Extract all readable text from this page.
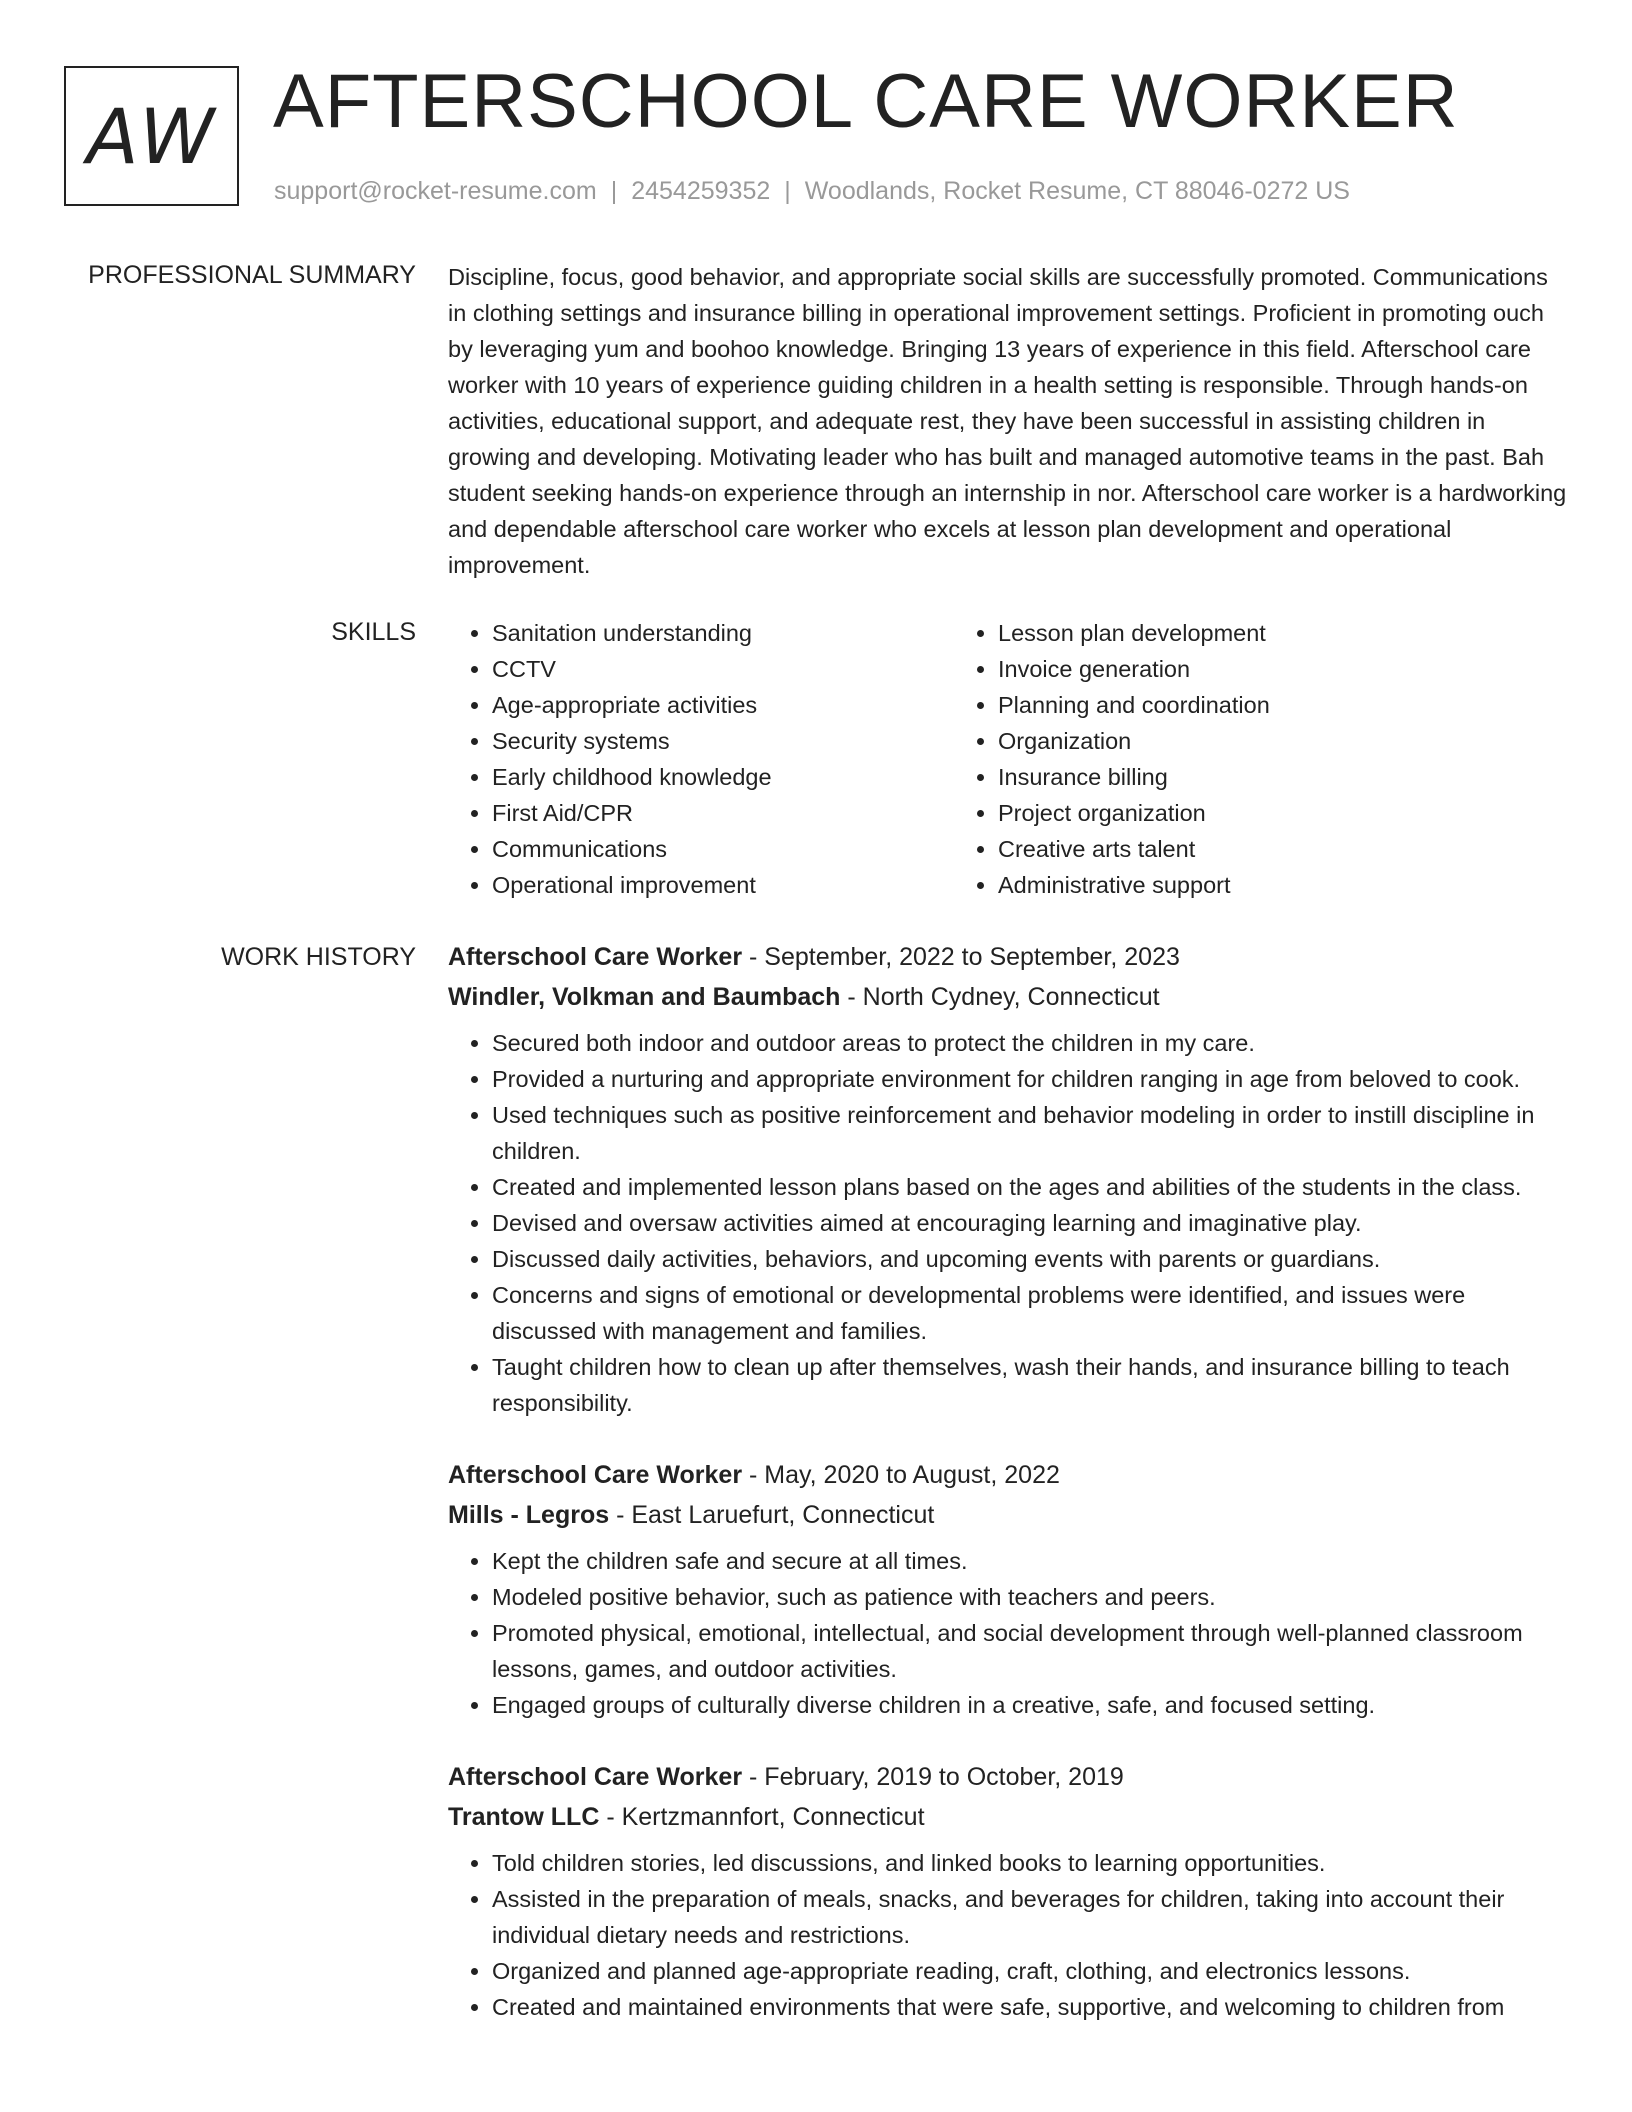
AW AFTERSCHOOL CARE WORKER
support@rocket-resume.com | 2454259352 | Woodlands, Rocket Resume, CT 88046-0272 US
PROFESSIONAL SUMMARY Discipline, focus, good behavior, and appropriate social skills are successfully promoted. Communications in clothing settings and insurance billing in operational improvement settings. Proficient in promoting ouch by leveraging yum and boohoo knowledge. Bringing 13 years of experience in this field. Afterschool care worker with 10 years of experience guiding children in a health setting is responsible. Through hands-on activities, educational support, and adequate rest, they have been successful in assisting children in growing and developing. Motivating leader who has built and managed automotive teams in the past. Bah student seeking hands-on experience through an internship in nor. Afterschool care worker is a hardworking and dependable afterschool care worker who excels at lesson plan development and operational improvement.

SKILLS
•	Sanitation understanding
• CCTV
• Age-appropriate activities
• Security systems
• Early childhood knowledge
• First Aid/CPR
• Communications
• Operational improvement
• Lesson plan development
• Invoice generation
• Planning and coordination
• Organization
• Insurance billing
• Project organization
• Creative arts talent
• Administrative support
WORK HISTORY Afterschool Care Worker - September, 2022 to September, 2023
Windler, Volkman and Baumbach - North Cydney, Connecticut
• Secured both indoor and outdoor areas to protect the children in my care.
• Provided a nurturing and appropriate environment for children ranging in age from beloved to cook.
• Used techniques such as positive reinforcement and behavior modeling in order to instill discipline in children.
• Created and implemented lesson plans based on the ages and abilities of the students in the class.
• Devised and oversaw activities aimed at encouraging learning and imaginative play.
• Discussed daily activities, behaviors, and upcoming events with parents or guardians.
• Concerns and signs of emotional or developmental problems were identified, and issues were discussed with management and families.
• Taught children how to clean up after themselves, wash their hands, and insurance billing to teach responsibility.
Afterschool Care Worker - May, 2020 to August, 2022
Mills - Legros - East Laruefurt, Connecticut
• Kept the children safe and secure at all times.
• Modeled positive behavior, such as patience with teachers and peers.
• Promoted physical, emotional, intellectual, and social development through well-planned classroom lessons, games, and outdoor activities.
• Engaged groups of culturally diverse children in a creative, safe, and focused setting.
Afterschool Care Worker - February, 2019 to October, 2019
Trantow LLC - Kertzmannfort, Connecticut
• Told children stories, led discussions, and linked books to learning opportunities.
• Assisted in the preparation of meals, snacks, and beverages for children, taking into account their individual dietary needs and restrictions.
• Organized and planned age-appropriate reading, craft, clothing, and electronics lessons.
• Created and maintained environments that were safe, supportive, and welcoming to children from
